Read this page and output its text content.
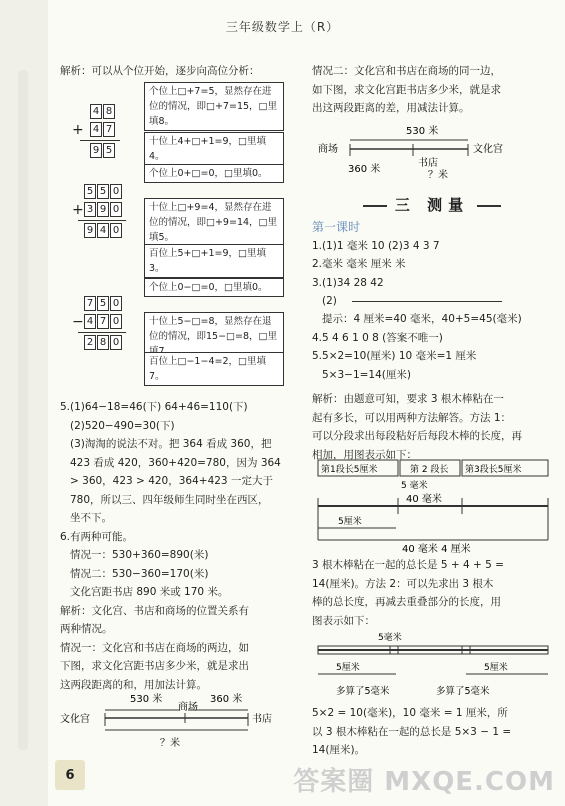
三年级数学上（R）
解析：可以从个位开始，逐步向高位分析：
+
4 8
4 7
9 5
个位上□+7=5，显然存在进位的情况，即□+7=15，□里填8。
十位上4+□+1=9，□里填4。
+
5 5 0
3 9 0
9 4 0
个位上0+□=0，□里填0。
十位上□+9=4，显然存在进位的情况，即□+9=14，□里填5。
百位上5+□+1=9，□里填3。
−
7 5 0
4 7 0
2 8 0
个位上0−□=0，□里填0。
十位上5−□=8，显然存在退位的情况，即15−□=8，□里
百位上□−1−4=2，□里填7。
5.(1)64−18=46(下) 64+46=110(下)
(2)520−490=30(下)
(3)淘淘的说法不对。把 364 看成 360，把
423 看成 420，360+420=780，因为 364
> 360，423 > 420，364+423 一定大于
780，所以三、四年级师生同时坐在西区，
坐不下。
6.有两种可能。
情况一：530+360=890(米)
情况二：530−360=170(米)
文化宫距书店 890 米或 170 米。
解析：文化宫、书店和商场的位置关系有
两种情况。
情况一：文化宫和书店在商场的两边，如
下图，求文化宫距书店多少米，就是求出
这两段距离的和，用加法计算。
530 米
商场
360 米
文化宫	书店
？米
情况二：文化宫和书店在商场的同一边，
如下图，求文化宫距书店多少米，就是求
出这两段距离的差，用减法计算。
530 米
商场	文化宫
360 米
书店
？米
三 测量
第一课时
1.(1)1 毫米 10 (2)3 4 3 7
2.毫米 毫米 厘米 米
3.(1)34 28 42
(2)
提示：4 厘米=40 毫米，40+5=45(毫米)
4.5 4 6 1 0 8 (答案不唯一)
5.5×2=10(厘米) 10 毫米=1 厘米
5×3−1=14(厘米)
解析：由题意可知，要求 3 根木棒粘在一
起有多长，可以用两种方法解答。方法 1：
可以分段求出每段粘好后每段木棒的长度，再
相加，用图表示如下：
第1段长5厘米	第 2 段长 第3段长5厘米
5 毫米
40 毫米
5厘米
40 毫米 4 厘米
3 根木棒粘在一起的总长是 5 + 4 + 5 =
14(厘米)。方法 2：可以先求出 3 根木
棒的总长度，再减去重叠部分的长度，用
图表示如下：
5毫米
5厘米	5厘米
多算了5毫米	多算了5毫米
5×2 = 10(毫米)，10 毫米 = 1 厘米，所
以 3 根木棒粘在一起的总长是 5×3 − 1 =
14(厘米)。
6	答案圈 MXQE.COM
